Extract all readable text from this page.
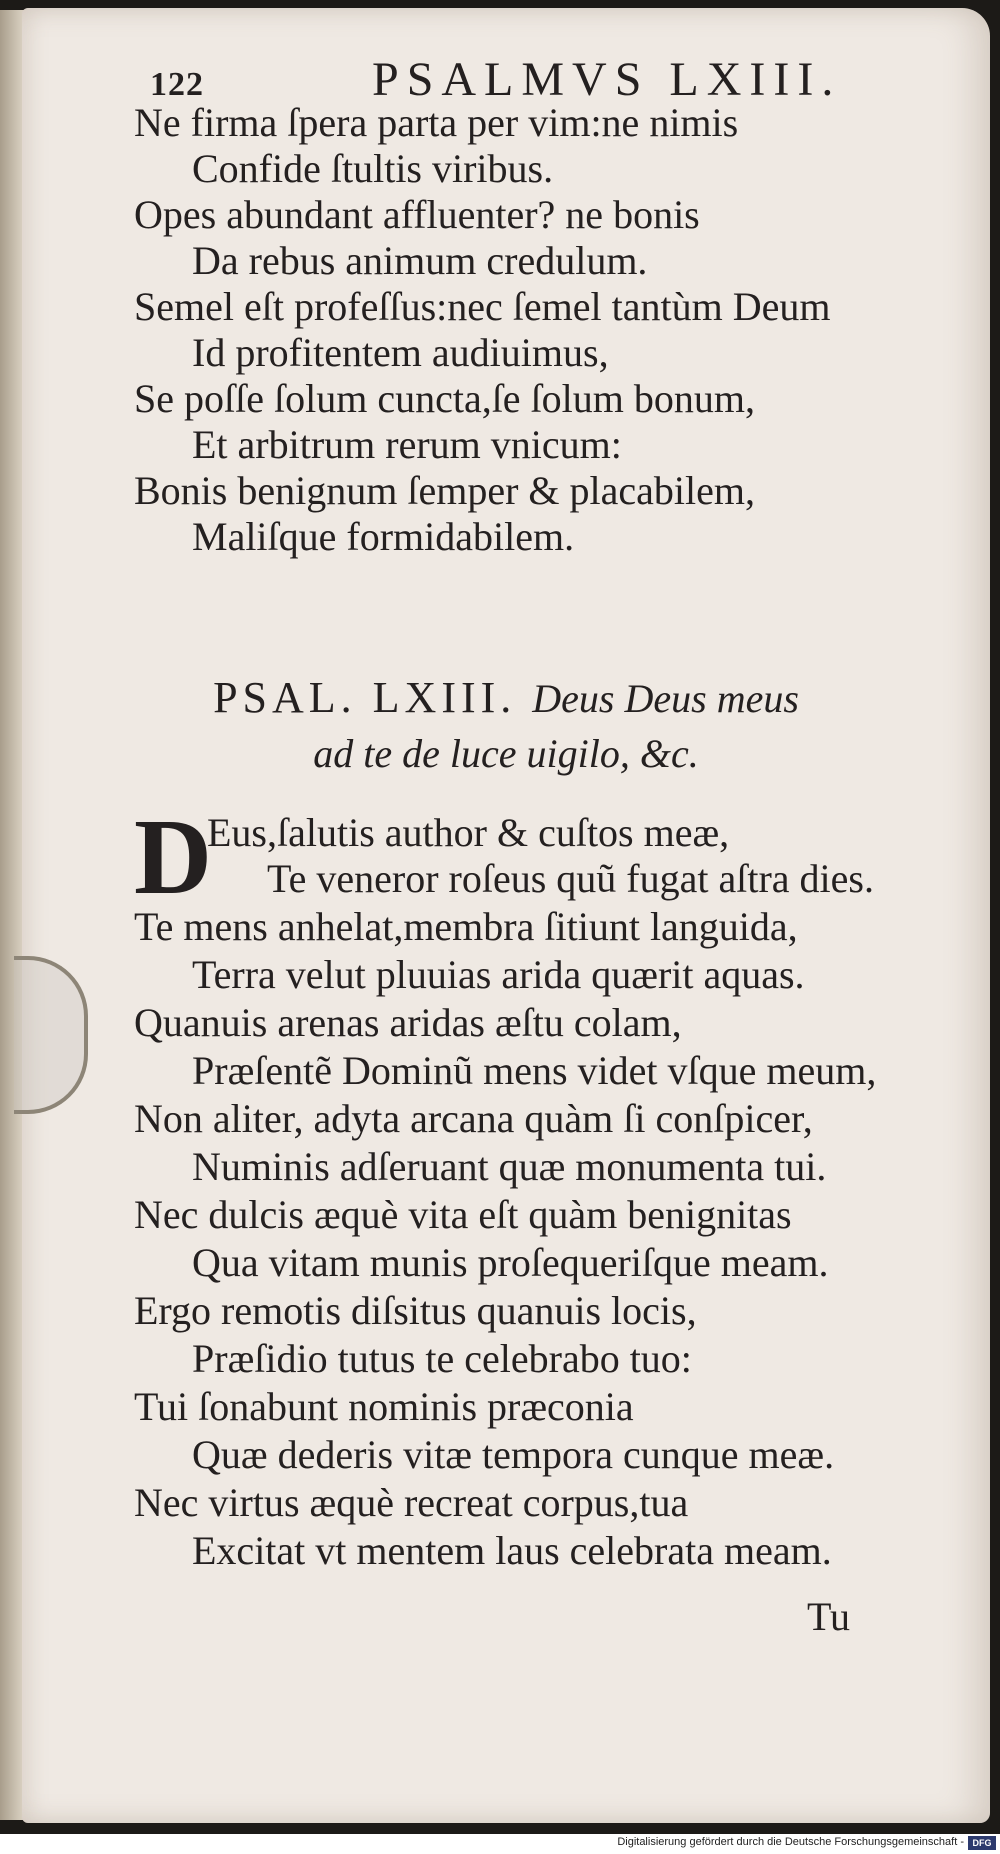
122	PSALMVS LXIII.
Ne firma ſpera parta per vim:ne nimis
Confide ſtultis viribus.
Opes abundant affluenter? ne bonis
Da rebus animum credulum.
Semel eſt profeſſus:nec ſemel tantùm Deum
Id profitentem audiuimus,
Se poſſe ſolum cuncta,ſe ſolum bonum,
Et arbitrum rerum vnicum:
Bonis benignum ſemper & placabilem,
Maliſque formidabilem.
PSAL. LXIII. Deus Deus meus
ad te de luce uigilo, &c.
D
Eus,ſalutis author & cuſtos meæ,
Te veneror roſeus quũ fugat aſtra dies.
Te mens anhelat,membra ſitiunt languida,
Terra velut pluuias arida quærit aquas.
Quanuis arenas aridas æſtu colam,
Præſentẽ Dominũ mens videt vſque meum,
Non aliter, adyta arcana quàm ſi conſpicer,
Numinis adſeruant quæ monumenta tui.
Nec dulcis æquè vita eſt quàm benignitas
Qua vitam munis proſequeriſque meam.
Ergo remotis diſsitus quanuis locis,
Præſidio tutus te celebrabo tuo:
Tui ſonabunt nominis præconia
Quæ dederis vitæ tempora cunque meæ.
Nec virtus æquè recreat corpus,tua
Excitat vt mentem laus celebrata meam.
Tu
Digitalisierung gefördert durch die Deutsche Forschungsgemeinschaft - DFG
